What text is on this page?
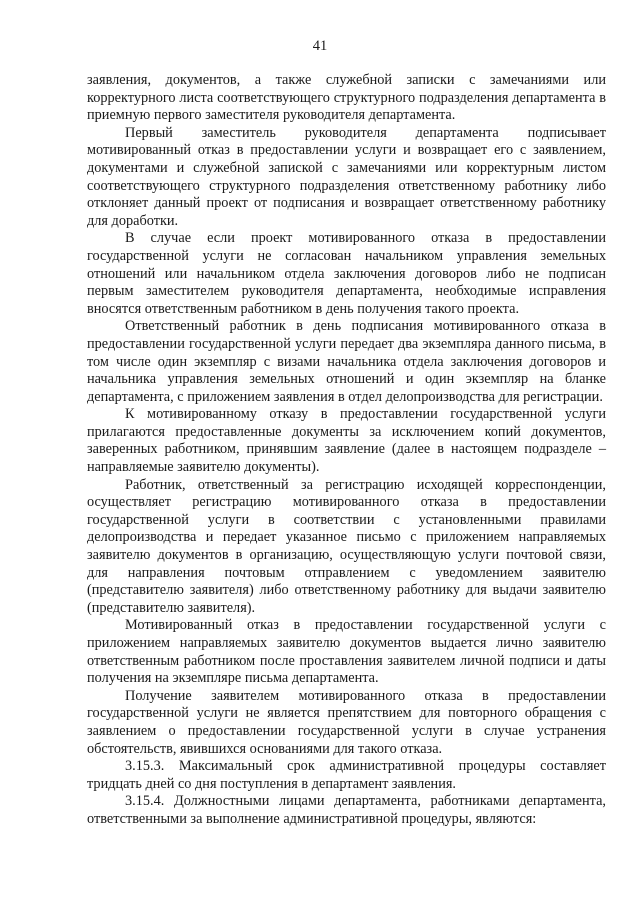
41

заявления, документов, а также служебной записки с замечаниями или корректурного листа соответствующего структурного подразделения департамента в приемную первого заместителя руководителя департамента.

Первый заместитель руководителя департамента подписывает мотивированный отказ в предоставлении услуги и возвращает его с заявлением, документами и служебной запиской с замечаниями или корректурным листом соответствующего структурного подразделения ответственному работнику либо отклоняет данный проект от подписания и возвращает ответственному работнику для доработки.

В случае если проект мотивированного отказа в предоставлении государственной услуги не согласован начальником управления земельных отношений или начальником отдела заключения договоров либо не подписан первым заместителем руководителя департамента, необходимые исправления вносятся ответственным работником в день получения такого проекта.

Ответственный работник в день подписания мотивированного отказа в предоставлении государственной услуги передает два экземпляра данного письма, в том числе один экземпляр с визами начальника отдела заключения договоров и начальника управления земельных отношений и один экземпляр на бланке департамента, с приложением заявления в отдел делопроизводства для регистрации.

К мотивированному отказу в предоставлении государственной услуги прилагаются предоставленные документы за исключением копий документов, заверенных работником, принявшим заявление (далее в настоящем подразделе – направляемые заявителю документы).

Работник, ответственный за регистрацию исходящей корреспонденции, осуществляет регистрацию мотивированного отказа в предоставлении государственной услуги в соответствии с установленными правилами делопроизводства и передает указанное письмо с приложением направляемых заявителю документов в организацию, осуществляющую услуги почтовой связи, для направления почтовым отправлением с уведомлением заявителю (представителю заявителя) либо ответственному работнику для выдачи заявителю (представителю заявителя).

Мотивированный отказ в предоставлении государственной услуги с приложением направляемых заявителю документов выдается лично заявителю ответственным работником после проставления заявителем личной подписи и даты получения на экземпляре письма департамента.

Получение заявителем мотивированного отказа в предоставлении государственной услуги не является препятствием для повторного обращения с заявлением о предоставлении государственной услуги в случае устранения обстоятельств, явившихся основаниями для такого отказа.

3.15.3. Максимальный срок административной процедуры составляет тридцать дней со дня поступления в департамент заявления.

3.15.4. Должностными лицами департамента, работниками департамента, ответственными за выполнение административной процедуры, являются:
